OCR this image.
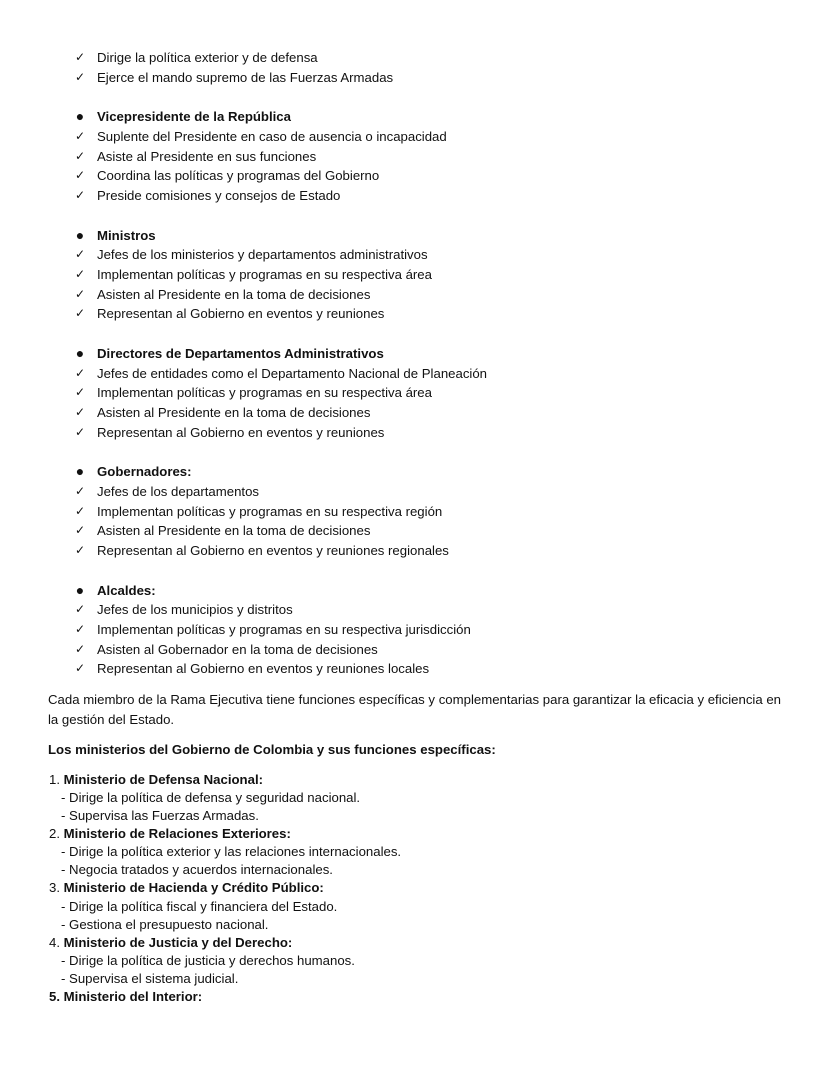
✓ Dirige la política exterior y de defensa
✓ Ejerce el mando supremo de las Fuerzas Armadas
● Vicepresidente de la República
✓ Suplente del Presidente en caso de ausencia o incapacidad
✓ Asiste al Presidente en sus funciones
✓ Coordina las políticas y programas del Gobierno
✓ Preside comisiones y consejos de Estado
● Ministros
✓ Jefes de los ministerios y departamentos administrativos
✓ Implementan políticas y programas en su respectiva área
✓ Asisten al Presidente en la toma de decisiones
✓ Representan al Gobierno en eventos y reuniones
● Directores de Departamentos Administrativos
✓ Jefes de entidades como el Departamento Nacional de Planeación
✓ Implementan políticas y programas en su respectiva área
✓ Asisten al Presidente en la toma de decisiones
✓ Representan al Gobierno en eventos y reuniones
● Gobernadores:
✓ Jefes de los departamentos
✓ Implementan políticas y programas en su respectiva región
✓ Asisten al Presidente en la toma de decisiones
✓ Representan al Gobierno en eventos y reuniones regionales
● Alcaldes:
✓ Jefes de los municipios y distritos
✓ Implementan políticas y programas en su respectiva jurisdicción
✓ Asisten al Gobernador en la toma de decisiones
✓ Representan al Gobierno en eventos y reuniones locales
Cada miembro de la Rama Ejecutiva tiene funciones específicas y complementarias para garantizar la eficacia y eficiencia en la gestión del Estado.
Los ministerios del Gobierno de Colombia y sus funciones específicas:
1. Ministerio de Defensa Nacional:
- Dirige la política de defensa y seguridad nacional.
- Supervisa las Fuerzas Armadas.
2. Ministerio de Relaciones Exteriores:
- Dirige la política exterior y las relaciones internacionales.
- Negocia tratados y acuerdos internacionales.
3. Ministerio de Hacienda y Crédito Público:
- Dirige la política fiscal y financiera del Estado.
- Gestiona el presupuesto nacional.
4. Ministerio de Justicia y del Derecho:
- Dirige la política de justicia y derechos humanos.
- Supervisa el sistema judicial.
5. Ministerio del Interior:
